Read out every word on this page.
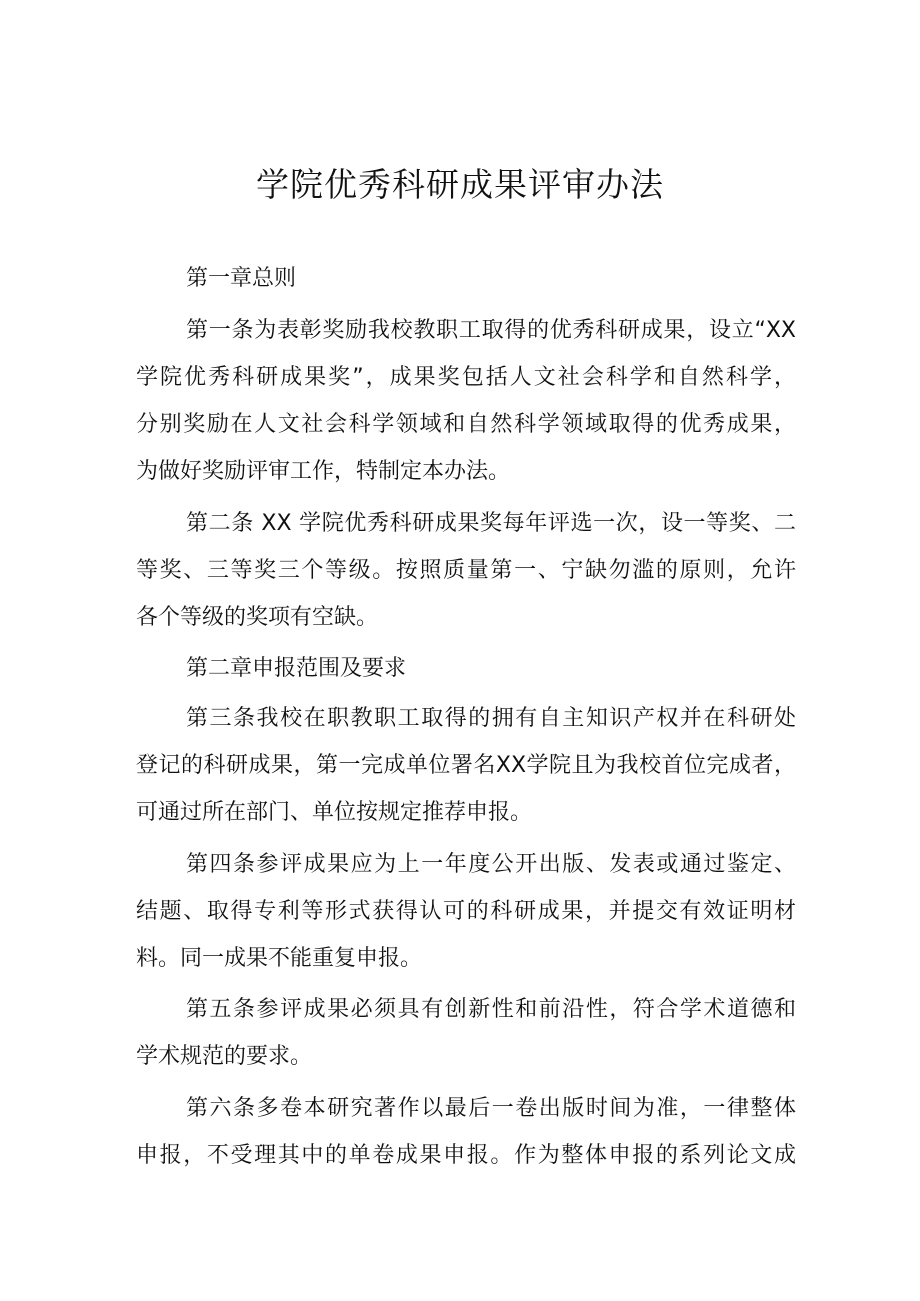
学院优秀科研成果评审办法
第一章总则
第一条为表彰奖励我校教职工取得的优秀科研成果，设立“XX
学院优秀科研成果奖”，成果奖包括人文社会科学和自然科学，
分别奖励在人文社会科学领域和自然科学领域取得的优秀成果，
为做好奖励评审工作，特制定本办法。
第二条 XX 学院优秀科研成果奖每年评选一次，设一等奖、二
等奖、三等奖三个等级。按照质量第一、宁缺勿滥的原则，允许
各个等级的奖项有空缺。
第二章申报范围及要求
第三条我校在职教职工取得的拥有自主知识产权并在科研处
登记的科研成果，第一完成单位署名XX学院且为我校首位完成者，
可通过所在部门、单位按规定推荐申报。
第四条参评成果应为上一年度公开出版、发表或通过鉴定、
结题、取得专利等形式获得认可的科研成果，并提交有效证明材
料。同一成果不能重复申报。
第五条参评成果必须具有创新性和前沿性，符合学术道德和
学术规范的要求。
第六条多卷本研究著作以最后一卷出版时间为准，一律整体
申报，不受理其中的单卷成果申报。作为整体申报的系列论文成
